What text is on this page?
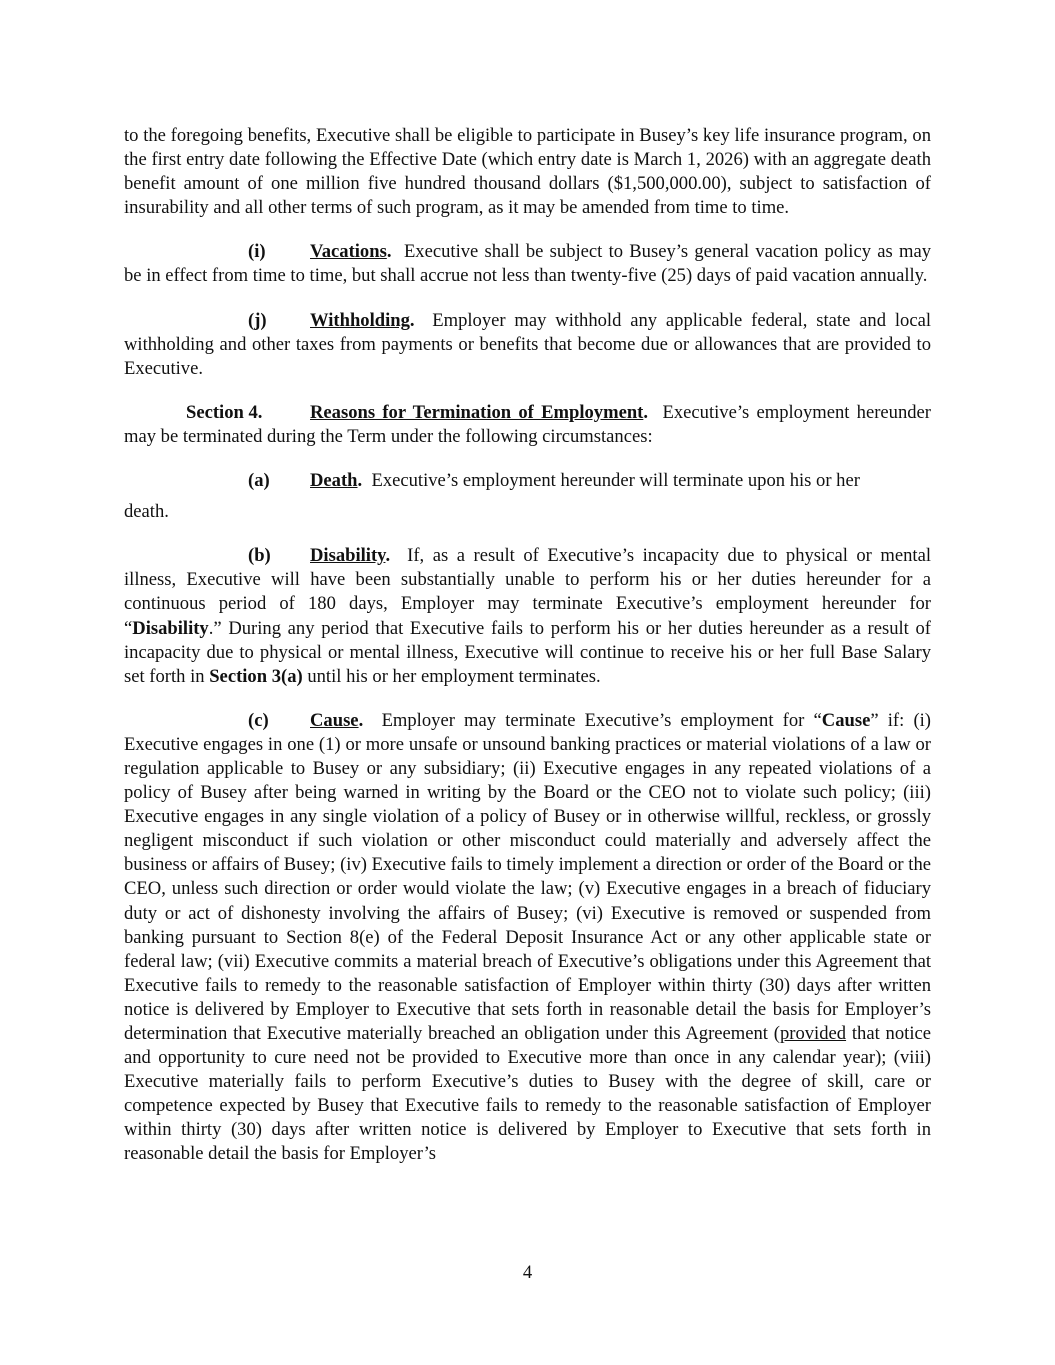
to the foregoing benefits, Executive shall be eligible to participate in Busey’s key life insurance program, on the first entry date following the Effective Date (which entry date is March 1, 2026) with an aggregate death benefit amount of one million five hundred thousand dollars ($1,500,000.00), subject to satisfaction of insurability and all other terms of such program, as it may be amended from time to time.

(i) Vacations. Executive shall be subject to Busey’s general vacation policy as may be in effect from time to time, but shall accrue not less than twenty-five (25) days of paid vacation annually.

(j) Withholding. Employer may withhold any applicable federal, state and local withholding and other taxes from payments or benefits that become due or allowances that are provided to Executive.

Section 4.	Reasons for Termination of Employment. Executive’s employment hereunder may be terminated during the Term under the following circumstances:

(a) Death. Executive’s employment hereunder will terminate upon his or her
death.

(b) Disability. If, as a result of Executive’s incapacity due to physical or mental illness, Executive will have been substantially unable to perform his or her duties hereunder for a continuous period of 180 days, Employer may terminate Executive’s employment hereunder for “Disability.” During any period that Executive fails to perform his or her duties hereunder as a result of incapacity due to physical or mental illness, Executive will continue to receive his or her full Base Salary set forth in Section 3(a) until his or her employment terminates.

(c) Cause. Employer may terminate Executive’s employment for “Cause” if: (i) Executive engages in one (1) or more unsafe or unsound banking practices or material violations of a law or regulation applicable to Busey or any subsidiary; (ii) Executive engages in any repeated violations of a policy of Busey after being warned in writing by the Board or the CEO not to violate such policy; (iii) Executive engages in any single violation of a policy of Busey or in otherwise willful, reckless, or grossly negligent misconduct if such violation or other misconduct could materially and adversely affect the business or affairs of Busey; (iv) Executive fails to timely implement a direction or order of the Board or the CEO, unless such direction or order would violate the law; (v) Executive engages in a breach of fiduciary duty or act of dishonesty involving the affairs of Busey; (vi) Executive is removed or suspended from banking pursuant to Section 8(e) of the Federal Deposit Insurance Act or any other applicable state or federal law; (vii) Executive commits a material breach of Executive’s obligations under this Agreement that Executive fails to remedy to the reasonable satisfaction of Employer within thirty (30) days after written notice is delivered by Employer to Executive that sets forth in reasonable detail the basis for Employer’s determination that Executive materially breached an obligation under this Agreement (provided that notice and opportunity to cure need not be provided to Executive more than once in any calendar year); (viii) Executive materially fails to perform Executive’s duties to Busey with the degree of skill, care or competence expected by Busey that Executive fails to remedy to the reasonable satisfaction of Employer within thirty (30) days after written notice is delivered by Employer to Executive that sets forth in reasonable detail the basis for Employer’s

4
